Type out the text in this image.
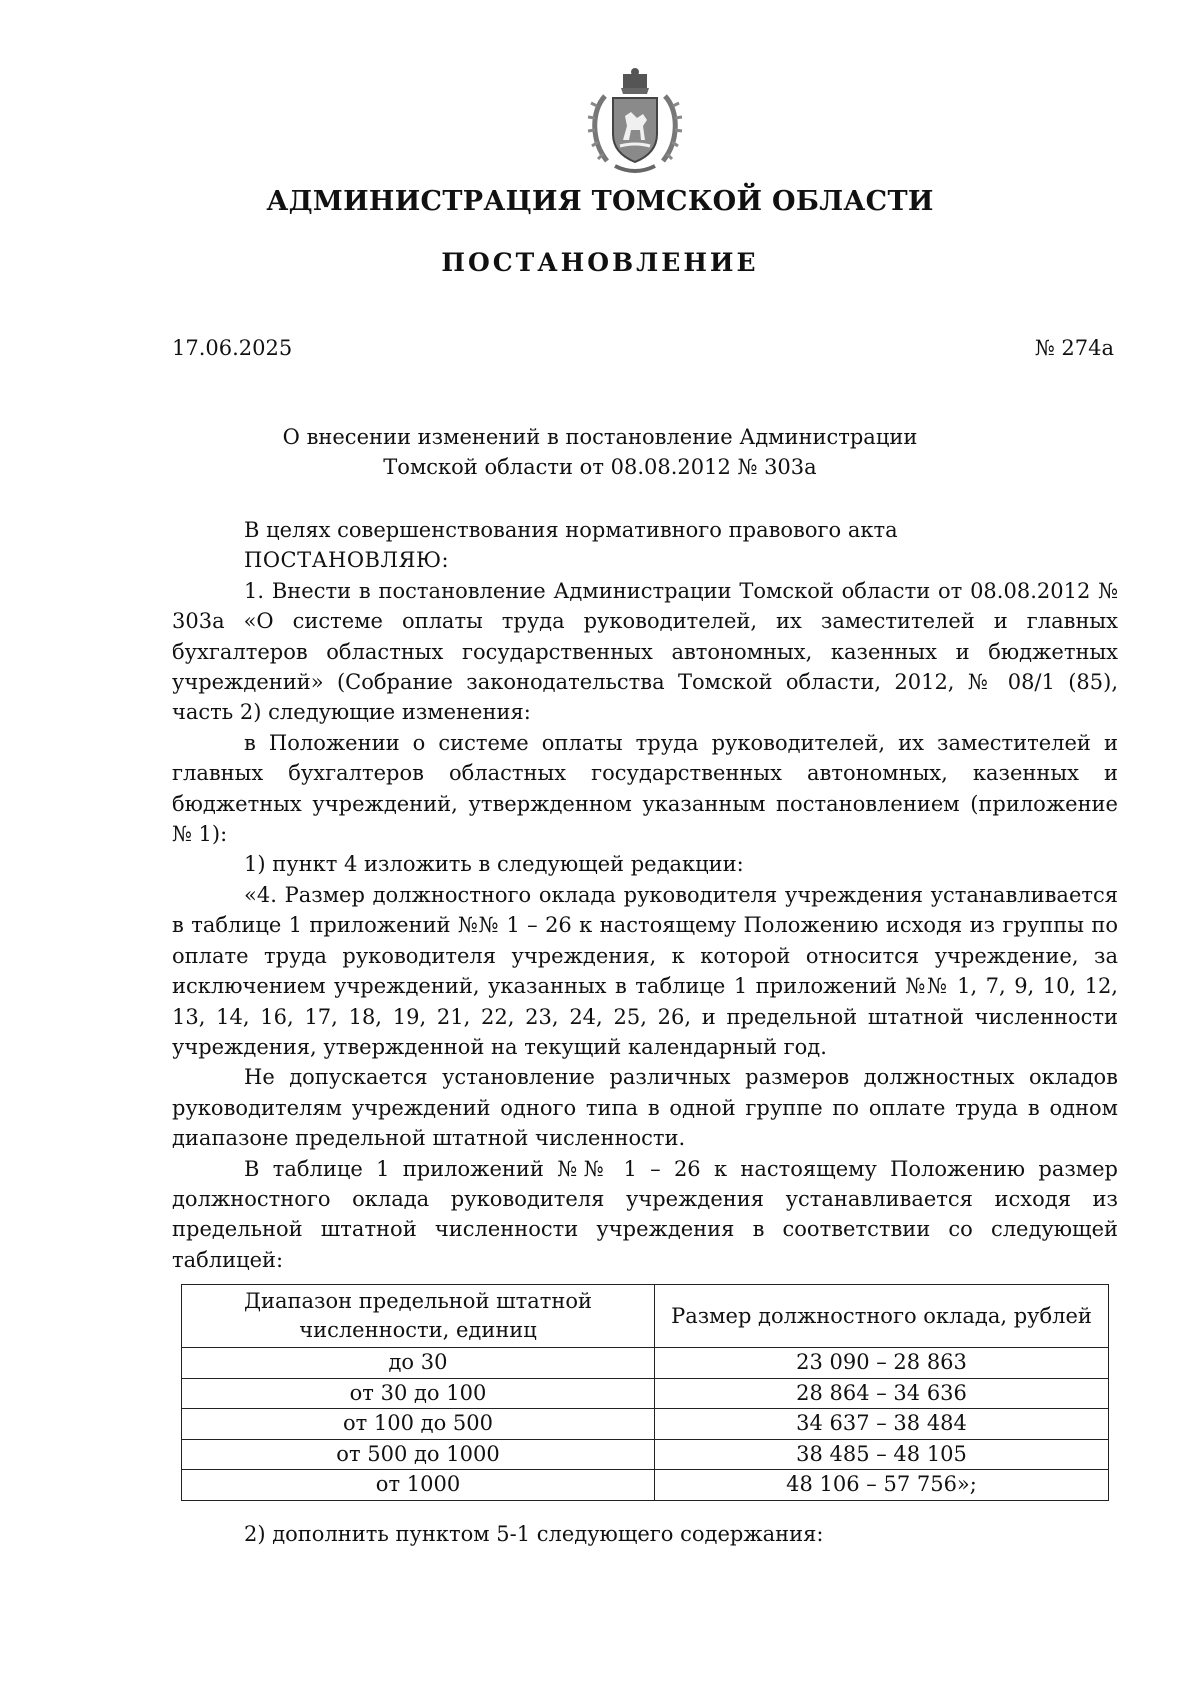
АДМИНИСТРАЦИЯ ТОМСКОЙ ОБЛАСТИ
ПОСТАНОВЛЕНИЕ
17.06.2025	№ 274а
О внесении изменений в постановление Администрации
Томской области от 08.08.2012 № 303а

В целях совершенствования нормативного правового акта

ПОСТАНОВЛЯЮ:

1. Внести в постановление Администрации Томской области от 08.08.2012 № 303а «О системе оплаты труда руководителей, их заместителей и главных бухгалтеров областных государственных автономных, казенных и бюджетных учреждений» (Собрание законодательства Томской области, 2012, № 08/1 (85), часть 2) следующие изменения:

в Положении о системе оплаты труда руководителей, их заместителей и главных бухгалтеров областных государственных автономных, казенных и бюджетных учреждений, утвержденном указанным постановлением (приложение № 1):

1) пункт 4 изложить в следующей редакции:

«4. Размер должностного оклада руководителя учреждения устанавливается в таблице 1 приложений №№ 1 – 26 к настоящему Положению исходя из группы по оплате труда руководителя учреждения, к которой относится учреждение, за исключением учреждений, указанных в таблице 1 приложений №№ 1, 7, 9, 10, 12, 13, 14, 16, 17, 18, 19, 21, 22, 23, 24, 25, 26, и предельной штатной численности учреждения, утвержденной на текущий календарный год.

Не допускается установление различных размеров должностных окладов руководителям учреждений одного типа в одной группе по оплате труда в одном диапазоне предельной штатной численности.

В таблице 1 приложений №№ 1 – 26 к настоящему Положению размер должностного оклада руководителя учреждения устанавливается исходя из предельной штатной численности учреждения в соответствии со следующей таблицей:

Диапазон предельной штатной численности, единиц	Размер должностного оклада, рублей
до 30	23 090 – 28 863
от 30 до 100	28 864 – 34 636
от 100 до 500	34 637 – 38 484
от 500 до 1000	38 485 – 48 105
от 1000	48 106 – 57 756»;
2) дополнить пунктом 5-1 следующего содержания:
